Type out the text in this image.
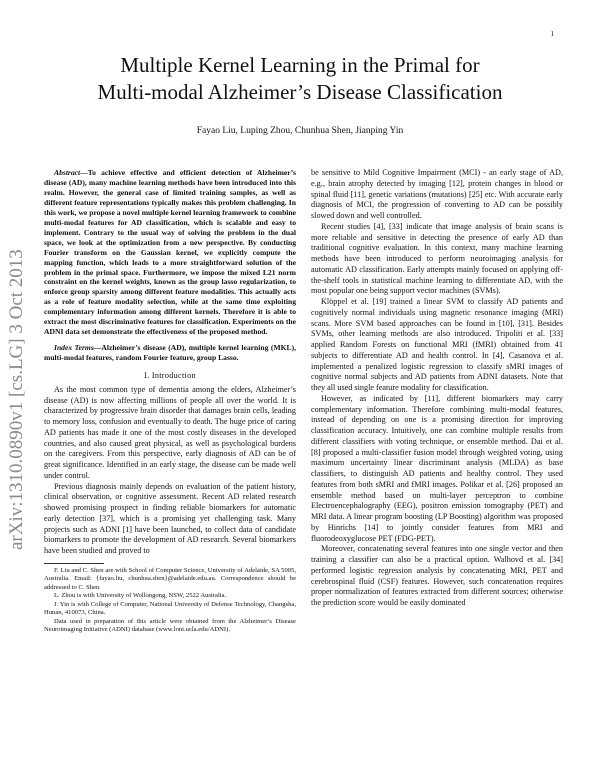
1
arXiv:1310.0890v1 [cs.LG] 3 Oct 2013
Multiple Kernel Learning in the Primal for
Multi-modal Alzheimer’s Disease Classification
Fayao Liu, Luping Zhou, Chunhua Shen, Jianping Yin

Abstract—To achieve effective and efficient detection of Alzheimer’s disease (AD), many machine learning methods have been introduced into this realm. However, the general case of limited training samples, as well as different feature representations typically makes this problem challenging. In this work, we propose a novel multiple kernel learning framework to combine multi-modal features for AD classification, which is scalable and easy to implement. Contrary to the usual way of solving the problem in the dual space, we look at the optimization from a new perspective. By conducting Fourier transform on the Gaussian kernel, we explicitly compute the mapping function, which leads to a more straightforward solution of the problem in the primal space. Furthermore, we impose the mixed L21 norm constraint on the kernel weights, known as the group lasso regularization, to enforce group sparsity among different feature modalities. This actually acts as a role of feature modality selection, while at the same time exploiting complementary information among different kernels. Therefore it is able to extract the most discriminative features for classification. Experiments on the ADNI data set demonstrate the effectiveness of the proposed method.

Index Terms—Alzheimer’s disease (AD), multiple kernel learning (MKL), multi-modal features, random Fourier feature, group Lasso.

I. Introduction

As the most common type of dementia among the elders, Alzheimer’s disease (AD) is now affecting millions of people all over the world. It is characterized by progressive brain disorder that damages brain cells, leading to memory loss, confusion and eventually to death. The huge price of caring AD patients has made it one of the most costly diseases in the developed countries, and also caused great physical, as well as psychological burdens on the caregivers. From this perspective, early diagnosis of AD can be of great significance. Identified in an early stage, the disease can be made well under control.

Previous diagnosis mainly depends on evaluation of the patient history, clinical observation, or cognitive assessment. Recent AD related research showed promising prospect in finding reliable biomarkers for automatic early detection [37], which is a promising yet challenging task. Many projects such as ADNI [1] have been launched, to collect data of candidate biomarkers to promote the development of AD research. Several biomarkers have been studied and proved to

F. Liu and C. Shen are with School of Computer Science, University of Adelaide, SA 5005, Australia. Email: {fayao.liu, chunhua.shen}@adelaide.edu.au. Correspondence should be addressed to C. Shen.

L. Zhou is with University of Wollongong, NSW, 2522 Australia.

J. Yin is with College of Computer, National University of Defense Technology, Changsha, Hunan, 410073, China.

Data used in preparation of this article were obtained from the Alzheimer’s Disease Neuroimaging Initiative (ADNI) database (www.loni.ucla.edu/ADNI).

be sensitive to Mild Cognitive Impairment (MCI) - an early stage of AD, e.g., brain atrophy detected by imaging [12], protein changes in blood or spinal fluid [11], genetic variations (mutations) [25] etc. With accurate early diagnosis of MCI, the progression of converting to AD can be possibly slowed down and well controlled.

Recent studies [4], [33] indicate that image analysis of brain scans is more reliable and sensitive in detecting the presence of early AD than traditional cognitive evaluation. In this context, many machine learning methods have been introduced to perform neuroimaging analysis for automatic AD classification. Early attempts mainly focused on applying off-the-shelf tools in statistical machine learning to differentiate AD, with the most popular one being support vector machines (SVMs).

Klöppel et al. [19] trained a linear SVM to classify AD patients and cognitively normal individuals using magnetic resonance imaging (MRI) scans. More SVM based approaches can be found in [10], [31]. Besides SVMs, other learning methods are also introduced. Tripoliti et al. [33] applied Random Forests on functional MRI (fMRI) obtained from 41 subjects to differentiate AD and health control. In [4], Casanova et al. implemented a penalized logistic regression to classify sMRI images of cognitive normal subjects and AD patients from ADNI datasets. Note that they all used single feature modality for classification.

However, as indicated by [11], different biomarkers may carry complementary information. Therefore combining multi-modal features, instead of depending on one is a promising direction for improving classification accuracy. Intuitively, one can combine multiple results from different classifiers with voting technique, or ensemble method. Dai et al. [8] proposed a multi-classifier fusion model through weighted voting, using maximum uncertainty linear discriminant analysis (MLDA) as base classifiers, to distinguish AD patients and healthy control. They used features from both sMRI and fMRI images. Polikar et al. [26] proposed an ensemble method based on multi-layer perceptron to combine Electroencephalography (EEG), positron emission tomography (PET) and MRI data. A linear program boosting (LP Boosting) algorithm was proposed by Hinrichs [14] to jointly consider features from MRI and fluorodeoxyglucose PET (FDG-PET).

Moreover, concatenating several features into one single vector and then training a classifier can also be a practical option. Walhovd et al. [34] performed logistic regression analysis by concatenating MRI, PET and cerebrospinal fluid (CSF) features. However, such concatenation requires proper normalization of features extracted from different sources; otherwise the prediction score would be easily dominated
